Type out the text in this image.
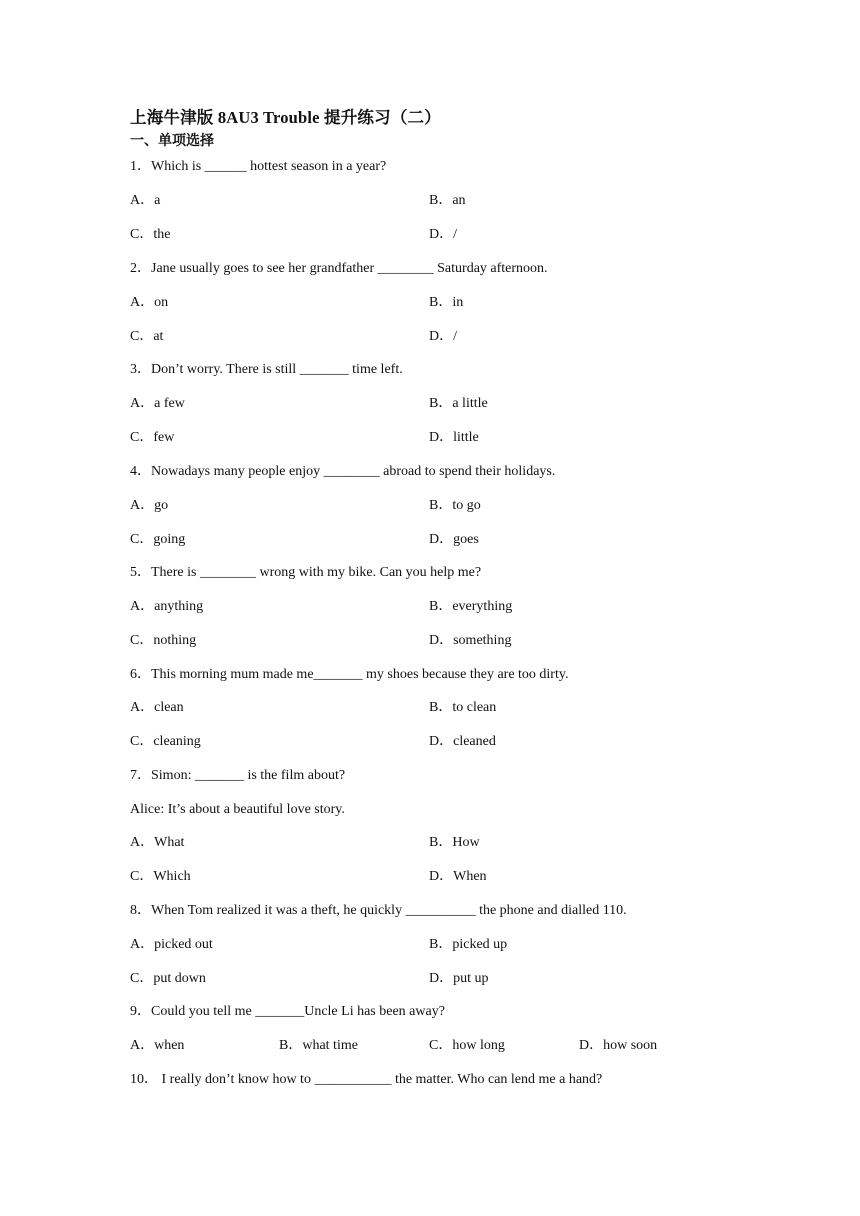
上海牛津版 8AU3 Trouble 提升练习（二）
一、单项选择
1．Which is ______ hottest season in a year?
A．a	B．an
C．the	D．/
2．Jane usually goes to see her grandfather ________ Saturday afternoon.
A．on	B．in
C．at	D．/
3．Don’t worry. There is still _______ time left.
A．a few	B．a little
C．few	D．little
4．Nowadays many people enjoy ________ abroad to spend their holidays.
A．go	B．to go
C．going	D．goes
5．There is ________ wrong with my bike. Can you help me?
A．anything	B．everything
C．nothing	D．something
6．This morning mum made me_______ my shoes because they are too dirty.
A．clean	B．to clean
C．cleaning	D．cleaned
7．Simon: _______ is the film about?
Alice: It’s about a beautiful love story.
A．What	B．How
C．Which	D．When
8．When Tom realized it was a theft, he quickly __________ the phone and dialled 110.
A．picked out	B．picked up
C．put down	D．put up
9．Could you tell me _______Uncle Li has been away?
A．when	B．what time	C．how long	D．how soon
10． I really don’t know how to ___________ the matter. Who can lend me a hand?
